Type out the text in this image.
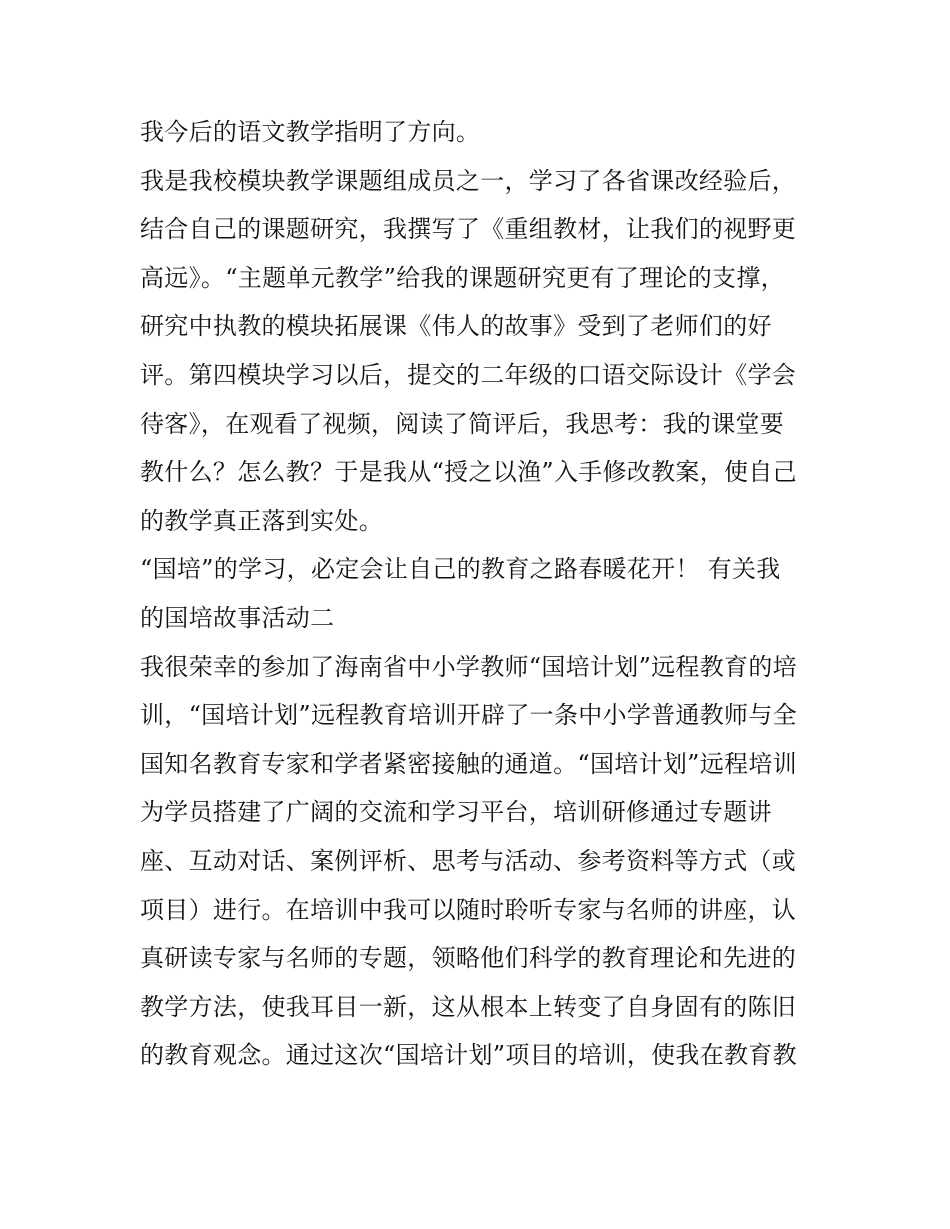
我今后的语文教学指明了方向。
我是我校模块教学课题组成员之一，学习了各省课改经验后，
结合自己的课题研究，我撰写了《重组教材，让我们的视野更
高远》。“主题单元教学”给我的课题研究更有了理论的支撑，
研究中执教的模块拓展课《伟人的故事》受到了老师们的好
评。第四模块学习以后，提交的二年级的口语交际设计《学会
待客》，在观看了视频，阅读了简评后，我思考：我的课堂要
教什么？怎么教？于是我从“授之以渔”入手修改教案，使自己
的教学真正落到实处。
“国培”的学习，必定会让自己的教育之路春暖花开！ 有关我
的国培故事活动二
我很荣幸的参加了海南省中小学教师“国培计划”远程教育的培
训，“国培计划”远程教育培训开辟了一条中小学普通教师与全
国知名教育专家和学者紧密接触的通道。“国培计划”远程培训
为学员搭建了广阔的交流和学习平台，培训研修通过专题讲
座、互动对话、案例评析、思考与活动、参考资料等方式（或
项目）进行。在培训中我可以随时聆听专家与名师的讲座，认
真研读专家与名师的专题，领略他们科学的教育理论和先进的
教学方法，使我耳目一新，这从根本上转变了自身固有的陈旧
的教育观念。通过这次“国培计划”项目的培训，使我在教育教
